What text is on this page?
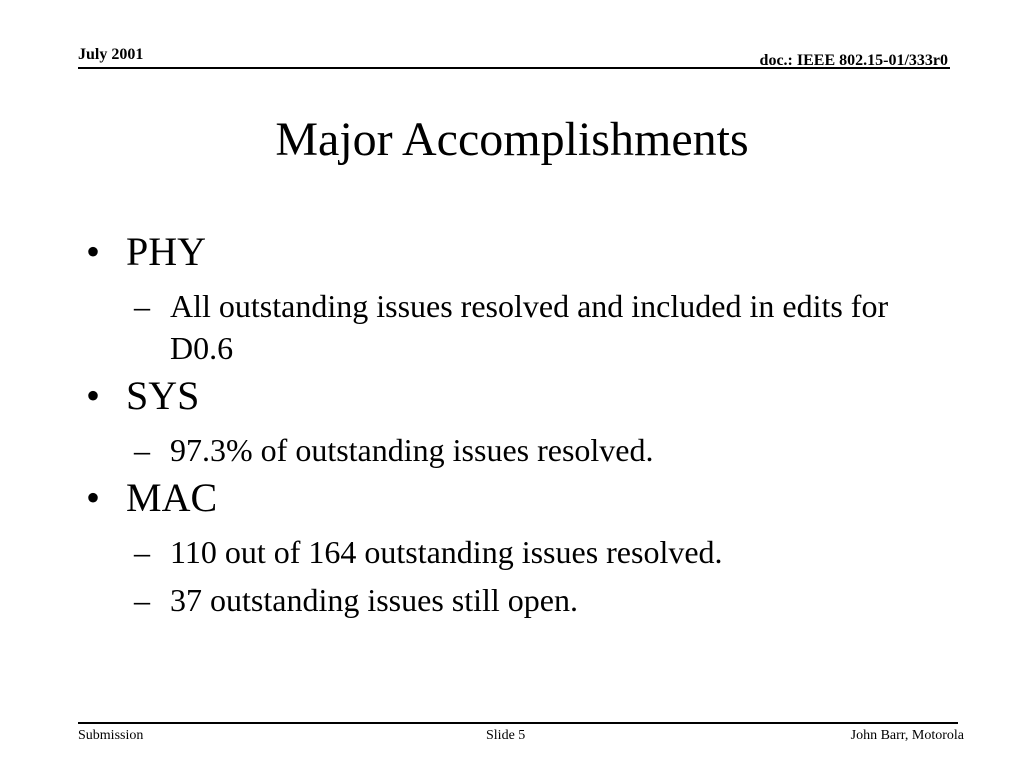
July 2001	doc.: IEEE 802.15-01/333r0
Major Accomplishments
• PHY
– All outstanding issues resolved and included in edits for D0.6
• SYS
– 97.3% of outstanding issues resolved.
• MAC
– 110 out of 164 outstanding issues resolved.
– 37 outstanding issues still open.
Submission	Slide 5	John Barr, Motorola
